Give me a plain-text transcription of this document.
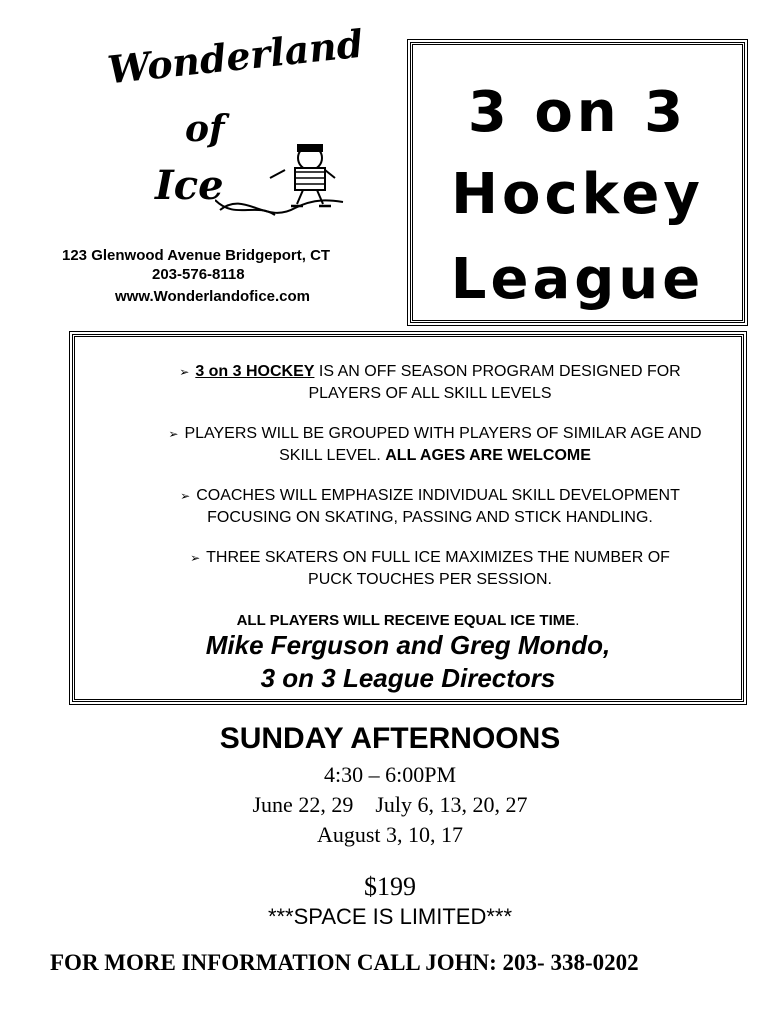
Wonderland
of
Ice
123 Glenwood Avenue Bridgeport, CT
203-576-8118
www.Wonderlandofice.com
3 on 3
Hockey
League
➢ 3 on 3 HOCKEY IS AN OFF SEASON PROGRAM DESIGNED FOR
PLAYERS OF ALL SKILL LEVELS
➢ PLAYERS WILL BE GROUPED WITH PLAYERS OF SIMILAR AGE AND
SKILL LEVEL. ALL AGES ARE WELCOME
➢ COACHES WILL EMPHASIZE INDIVIDUAL SKILL DEVELOPMENT
FOCUSING ON SKATING, PASSING AND STICK HANDLING.
➢ THREE SKATERS ON FULL ICE MAXIMIZES THE NUMBER OF
PUCK TOUCHES PER SESSION.
ALL PLAYERS WILL RECEIVE EQUAL ICE TIME.
Mike Ferguson and Greg Mondo,
3 on 3 League Directors
SUNDAY AFTERNOONS
4:30 – 6:00PM
June 22, 29    July 6, 13, 20, 27
August 3, 10, 17
$199
***SPACE IS LIMITED***
FOR MORE INFORMATION CALL JOHN: 203- 338-0202
